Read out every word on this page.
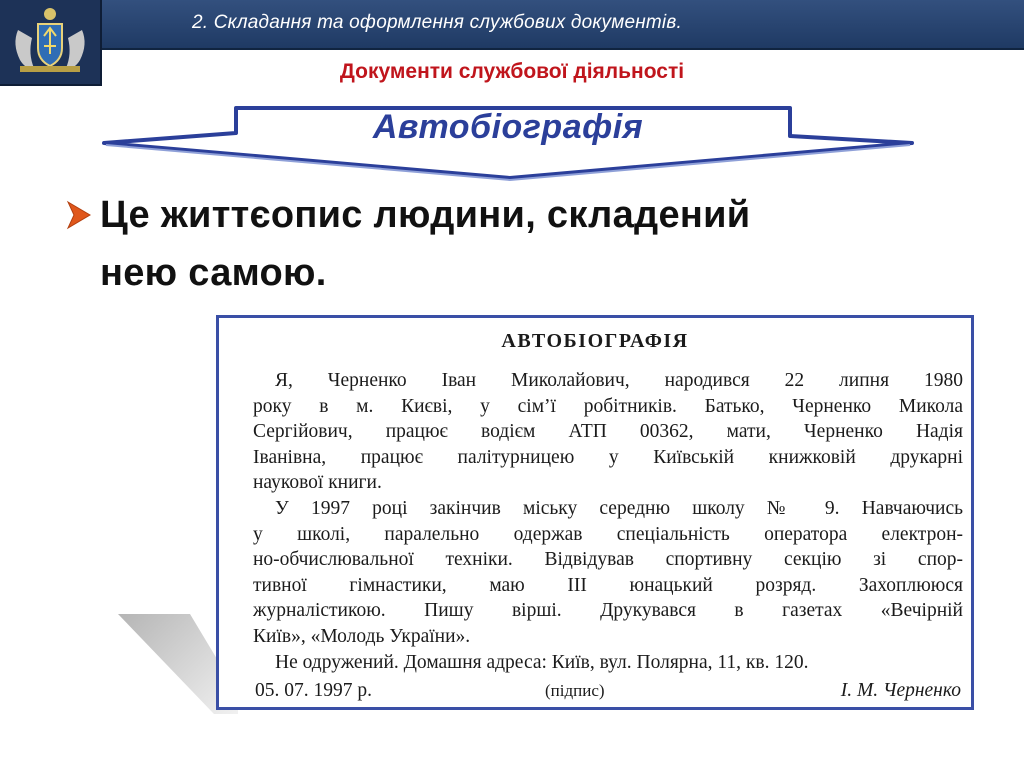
2. Складання та оформлення службових документів.
Документи службової діяльності
Автобіографія
Це життєопис людини, складений
нею самою.
АВТОБІОГРАФІЯ
Я, Черненко Іван Миколайович, народився 22 липня 1980
року в м. Києві, у сім’ї робітників. Батько, Черненко Микола
Сергійович, працює водієм АТП 00362, мати, Черненко Надія
Іванівна, працює палітурницею у Київській книжковій друкарні
наукової книги.
У 1997 році закінчив міську середню школу № 9. Навчаючись
у школі, паралельно одержав спеціальність оператора електрон-
но-обчислювальної техніки. Відвідував спортивну секцію зі спор-
тивної гімнастики, маю ІІІ юнацький розряд. Захоплююся
журналістикою. Пишу вірші. Друкувався в газетах «Вечірній
Київ», «Молодь України».
Не одружений. Домашня адреса: Київ, вул. Полярна, 11, кв. 120.
05. 07. 1997 р.	(підпис)	І. М. Черненко
